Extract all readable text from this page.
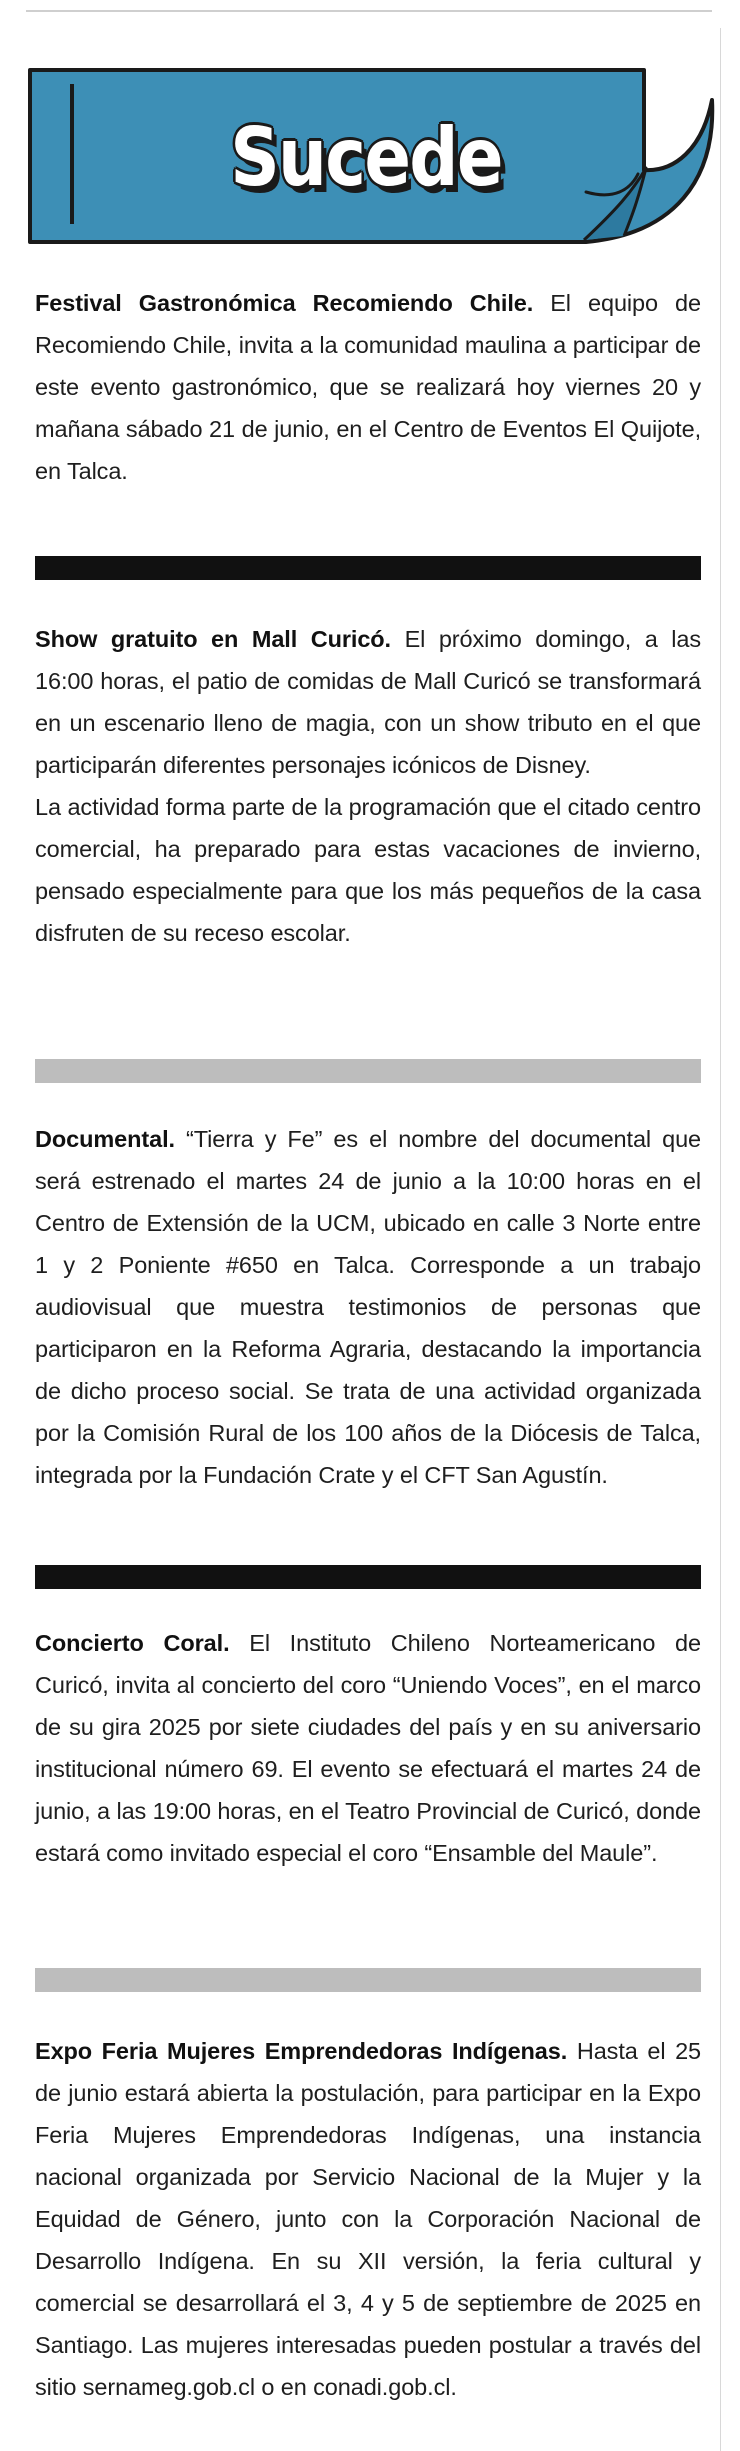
Sucede

Festival Gastronómica Recomiendo Chile. El equipo de Recomiendo Chile, invita a la comunidad maulina a participar de este evento gastronómico, que se realizará hoy viernes 20 y mañana sábado 21 de junio, en el Centro de Eventos El Quijote, en Talca.

Show gratuito en Mall Curicó. El próximo domingo, a las 16:00 horas, el patio de comidas de Mall Curicó se transformará en un escenario lleno de magia, con un show tributo en el que participarán diferentes personajes icónicos de Disney.

La actividad forma parte de la programación que el citado centro comercial, ha preparado para estas vacaciones de invierno, pensado especialmente para que los más pequeños de la casa disfruten de su receso escolar.

Documental. “Tierra y Fe” es el nombre del documental que será estrenado el martes 24 de junio a la 10:00 horas en el Centro de Extensión de la UCM, ubicado en calle 3 Norte entre 1 y 2 Poniente #650 en Talca. Corresponde a un trabajo audiovisual que muestra testimonios de personas que participaron en la Reforma Agraria, destacando la importancia de dicho proceso social. Se trata de una actividad organizada por la Comisión Rural de los 100 años de la Diócesis de Talca, integrada por la Fundación Crate y el CFT San Agustín.

Concierto Coral. El Instituto Chileno Norteamericano de Curicó, invita al concierto del coro “Uniendo Voces”, en el marco de su gira 2025 por siete ciudades del país y en su aniversario institucional número 69. El evento se efectuará el martes 24 de junio, a las 19:00 horas, en el Teatro Provincial de Curicó, donde estará como invitado especial el coro “Ensamble del Maule”.

Expo Feria Mujeres Emprendedoras Indígenas. Hasta el 25 de junio estará abierta la postulación, para participar en la Expo Feria Mujeres Emprendedoras Indígenas, una instancia nacional organizada por Servicio Nacional de la Mujer y la Equidad de Género, junto con la Corporación Nacional de Desarrollo Indígena. En su XII versión, la feria cultural y comercial se desarrollará el 3, 4 y 5 de septiembre de 2025 en Santiago. Las mujeres interesadas pueden postular a través del sitio sernameg.gob.cl o en conadi.gob.cl.
